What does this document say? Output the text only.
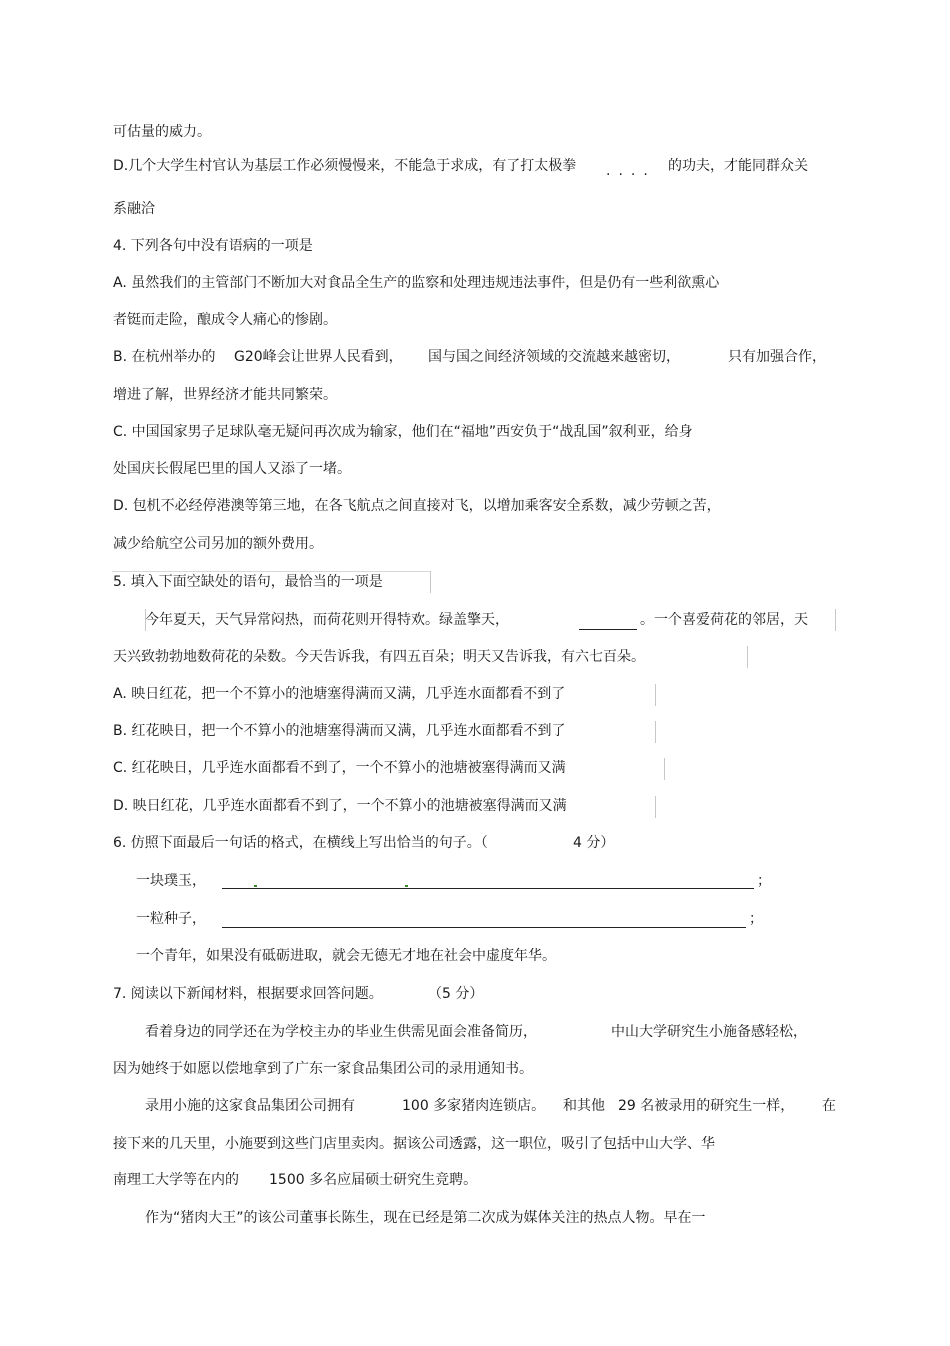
可估量的威力。
D.几个大学生村官认为基层工作必须慢慢来，不能急于求成，有了打太极拳 .... 的功夫，才能同群众关
系融洽
4. 下列各句中没有语病的一项是
A. 虽然我们的主管部门不断加大对食品全生产的监察和处理违规违法事件，但是仍有一些利欲熏心
者铤而走险，酿成令人痛心的惨剧。
B. 在杭州举办的 G20峰会让世界人民看到， 国与国之间经济领域的交流越来越密切，	只有加强合作，
增进了解，世界经济才能共同繁荣。
C. 中国国家男子足球队毫无疑问再次成为输家，他们在“福地”西安负于“战乱国”叙利亚，给身
处国庆长假尾巴里的国人又添了一堵。
D. 包机不必经停港澳等第三地，在各飞航点之间直接对飞，以增加乘客安全系数，减少劳顿之苦，
减少给航空公司另加的额外费用。
5. 填入下面空缺处的语句，最恰当的一项是
今年夏天，天气异常闷热，而荷花则开得特欢。绿盖擎天，	。一个喜爱荷花的邻居，天
天兴致勃勃地数荷花的朵数。今天告诉我，有四五百朵；明天又告诉我，有六七百朵。
A. 映日红花，把一个不算小的池塘塞得满而又满，几乎连水面都看不到了
B. 红花映日，把一个不算小的池塘塞得满而又满，几乎连水面都看不到了
C. 红花映日，几乎连水面都看不到了，一个不算小的池塘被塞得满而又满
D. 映日红花，几乎连水面都看不到了，一个不算小的池塘被塞得满而又满
6. 仿照下面最后一句话的格式，在横线上写出恰当的句子。（	4 分）
一块璞玉，	；
一粒种子，	；
一个青年，如果没有砥砺进取，就会无德无才地在社会中虚度年华。
7. 阅读以下新闻材料，根据要求回答问题。	（5 分）
看着身边的同学还在为学校主办的毕业生供需见面会准备简历，	中山大学研究生小施备感轻松，
因为她终于如愿以偿地拿到了广东一家食品集团公司的录用通知书。
录用小施的这家食品集团公司拥有	100 多家猪肉连锁店。 和其他 29 名被录用的研究生一样， 在
接下来的几天里，小施要到这些门店里卖肉。据该公司透露，这一职位，吸引了包括中山大学、华
南理工大学等在内的 1500 多名应届硕士研究生竞聘。
作为“猪肉大王”的该公司董事长陈生，现在已经是第二次成为媒体关注的热点人物。早在一
